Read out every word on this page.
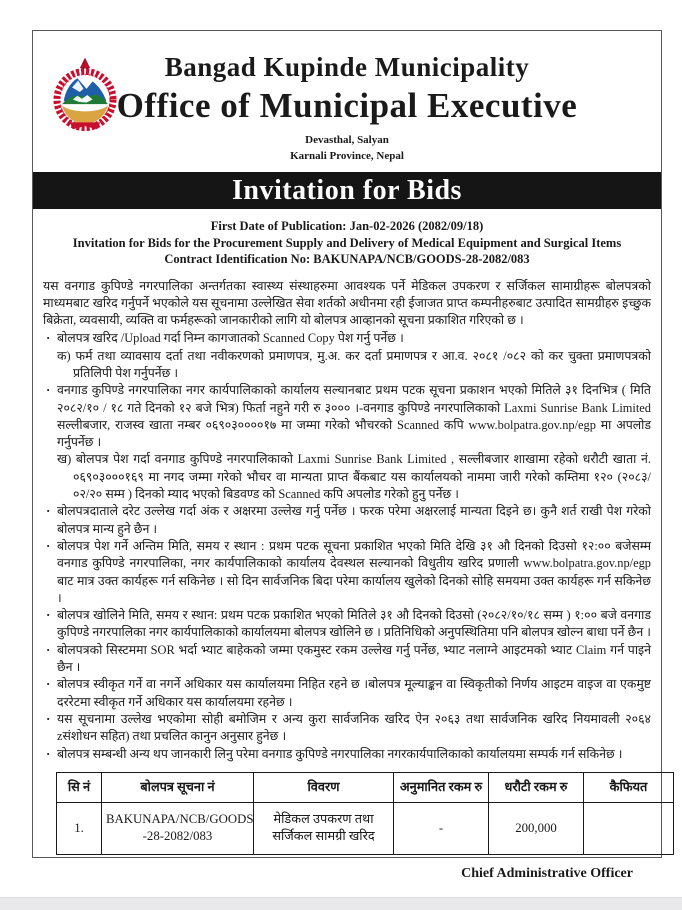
Bangad Kupinde Municipality
Office of Municipal Executive
Devasthal, Salyan
Karnali Province, Nepal
Invitation for Bids
First Date of Publication: Jan-02-2026 (2082/09/18)
Invitation for Bids for the Procurement Supply and Delivery of Medical Equipment and Surgical Items
Contract Identification No: BAKUNAPA/NCB/GOODS-28-2082/083

यस वनगाड कुपिण्डे नगरपालिका अन्तर्गतका स्वास्थ्य संस्थाहरुमा आवश्यक पर्ने मेडिकल उपकरण र सर्जिकल सामाग्रीहरू बोलपत्रको माध्यमबाट खरिद गर्नुपर्ने भएकोले यस सूचनामा उल्लेखित सेवा शर्तको अधीनमा रही ईजाजत प्राप्त कम्पनीहरुबाट उत्पादित सामग्रीहरु इच्छुक बिक्रेता, व्यवसायी, व्यक्ति वा फर्महरूको जानकारीको लागि यो बोलपत्र आव्हानको सूचना प्रकाशित गरिएको छ ।

· बोलपत्र खरिद /Upload गर्दा निम्न कागजातको Scanned Copy पेश गर्नु पर्नेछ ।

क) फर्म तथा व्यावसाय दर्ता तथा नवीकरणको प्रमाणपत्र, मु.अ. कर दर्ता प्रमाणपत्र र आ.व. २०८१ /०८२ को कर चुक्ता प्रमाणपत्रको प्रतिलिपी पेश गर्नुपर्नेछ ।

· वनगाड कुपिण्डे नगरपालिका नगर कार्यपालिकाको कार्यालय सल्यानबाट प्रथम पटक सूचना प्रकाशन भएको मितिले ३१ दिनभित्र ( मिति २०८२/१० / १८ गते दिनको १२ बजे भित्र) फिर्ता नहुने गरी रु ३००० ।-वनगाड कुपिण्डे नगरपालिकाको Laxmi Sunrise Bank Limited सल्लीबजार, राजस्व खाता नम्बर ०६९०३००००१७ मा जम्मा गरेको भौचरको Scanned कपि www.bolpatra.gov.np/egp मा अपलोड गर्नुपर्नेछ ।

ख) बोलपत्र पेश गर्दा वनगाड कुपिण्डे नगरपालिकाको Laxmi Sunrise Bank Limited , सल्लीबजार शाखामा रहेको धरौटी खाता नं. ०६९०३०००१६९ मा नगद जम्मा गरेको भौचर वा मान्यता प्राप्त बैंकबाट यस कार्यालयको नाममा जारी गरेको कम्तिमा १२० (२०८३/ ०२/२० सम्म ) दिनको म्याद भएको बिडवण्ड को Scanned कपि अपलोड गरेको हुनु पर्नेछ ।

· बोलपत्रदाताले दरेट उल्लेख गर्दा अंक र अक्षरमा उल्लेख गर्नु पर्नेछ । फरक परेमा अक्षरलाई मान्यता दिइने छ। कुनै शर्त राखी पेश गरेको बोलपत्र मान्य हुने छैन ।

· बोलपत्र पेश गर्ने अन्तिम मिति, समय र स्थान : प्रथम पटक सूचना प्रकाशित भएको मिति देखि ३१ औ दिनको दिउसो १२:०० बजेसम्म वनगाड कुपिण्डे नगरपालिका, नगर कार्यपालिकाको कार्यालय देवस्थल सल्यानको विधुतीय खरिद प्रणाली www.bolpatra.gov.np/egp बाट मात्र उक्त कार्यहरू गर्न सकिनेछ । सो दिन सार्वजनिक बिदा परेमा कार्यालय खुलेको दिनको सोहि समयमा उक्त कार्यहरू गर्न सकिनेछ ।

· बोलपत्र खोलिने मिति, समय र स्थान: प्रथम पटक प्रकाशित भएको मितिले ३१ औ दिनको दिउसो (२०८२/१०/१८ सम्म ) १:०० बजे वनगाड कुपिण्डे नगरपालिका नगर कार्यपालिकाको कार्यालयमा बोलपत्र खोलिने छ । प्रतिनिधिको अनुपस्थितिमा पनि बोलपत्र खोल्न बाधा पर्ने छैन ।

· बोलपत्रको सिस्टममा SOR भर्दा भ्याट बाहेकको जम्मा एकमुस्ट रकम उल्लेख गर्नु पर्नेछ, भ्याट नलाग्ने आइटमको भ्याट Claim गर्न पाइने छैन ।

· बोलपत्र स्वीकृत गर्ने वा नगर्ने अधिकार यस कार्यालयमा निहित रहने छ ।बोलपत्र मूल्याङ्कन वा स्विकृतीको निर्णय आइटम वाइज वा एकमुष्ट दररेटमा स्वीकृत गर्ने अधिकार यस कार्यालयमा रहनेछ ।

· यस सूचनामा उल्लेख भएकोमा सोही बमोजिम र अन्य कुरा सार्वजनिक खरिद ऐन २०६३ तथा सार्वजनिक खरिद नियमावली २०६४ zसंशोधन सहित) तथा प्रचलित कानुन अनुसार हुनेछ ।

· बोलपत्र सम्बन्धी अन्य थप जानकारी लिनु परेमा वनगाड कुपिण्डे नगरपालिका नगरकार्यपालिकाको कार्यालयमा सम्पर्क गर्न सकिनेछ ।

सि नं	बोलपत्र सूचना नं	विवरण	अनुमानित रकम रु	धरौटी रकम रु	कैफियत
1.	BAKUNAPA/NCB/GOODS -28-2082/083	मेडिकल उपकरण तथा सर्जिकल सामग्री खरिद	-	200,000	
Chief Administrative Officer
